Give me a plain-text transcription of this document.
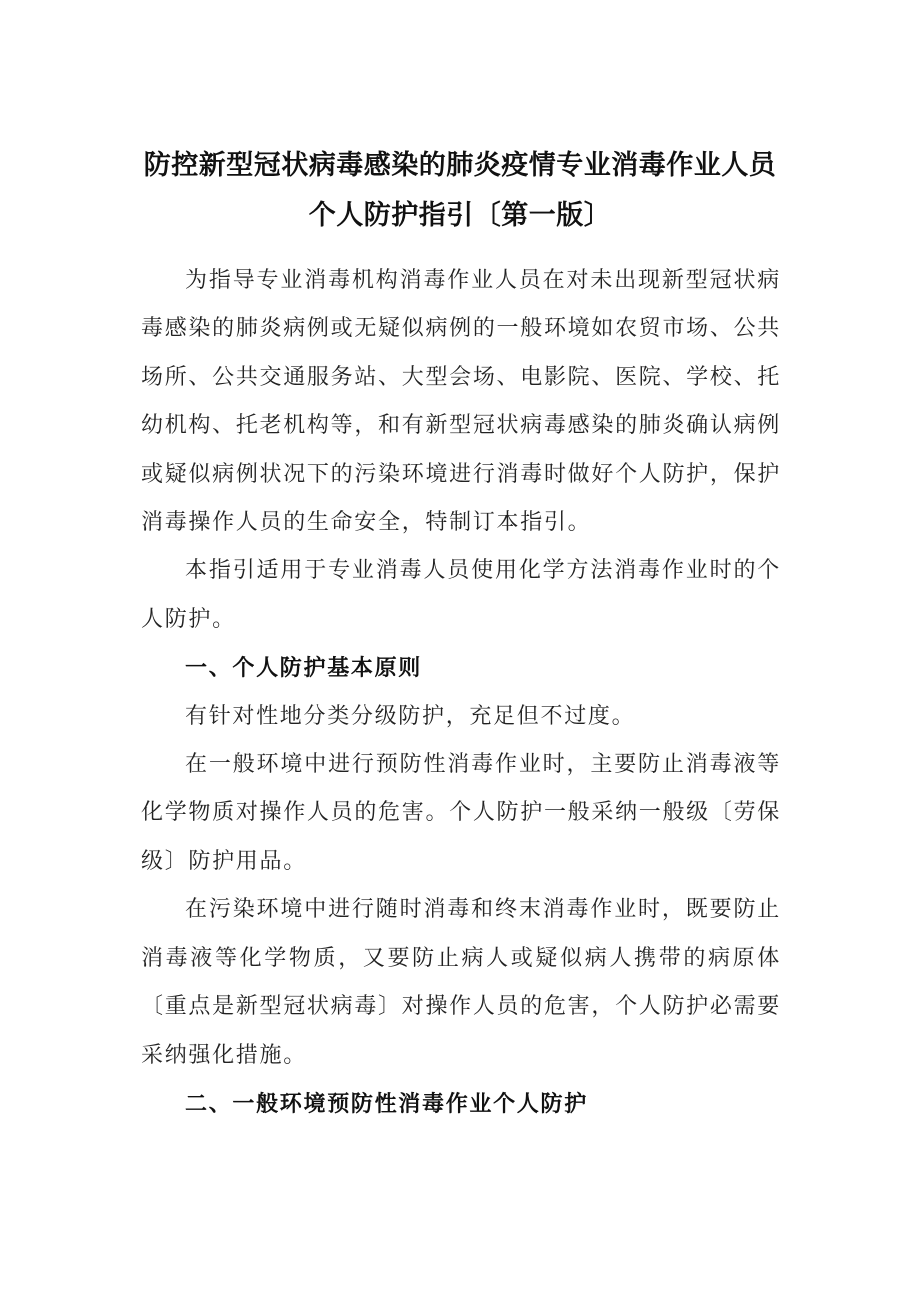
防控新型冠状病毒感染的肺炎疫情专业消毒作业人员
个人防护指引〔第一版〕

为指导专业消毒机构消毒作业人员在对未出现新型冠状病毒感染的肺炎病例或无疑似病例的一般环境如农贸市场、公共场所、公共交通服务站、大型会场、电影院、医院、学校、托幼机构、托老机构等，和有新型冠状病毒感染的肺炎确认病例或疑似病例状况下的污染环境进行消毒时做好个人防护，保护消毒操作人员的生命安全，特制订本指引。

本指引适用于专业消毒人员使用化学方法消毒作业时的个人防护。

一、个人防护基本原则

有针对性地分类分级防护，充足但不过度。

在一般环境中进行预防性消毒作业时，主要防止消毒液等化学物质对操作人员的危害。个人防护一般采纳一般级〔劳保级〕防护用品。

在污染环境中进行随时消毒和终末消毒作业时，既要防止消毒液等化学物质，又要防止病人或疑似病人携带的病原体〔重点是新型冠状病毒〕对操作人员的危害，个人防护必需要采纳强化措施。

二、一般环境预防性消毒作业个人防护
